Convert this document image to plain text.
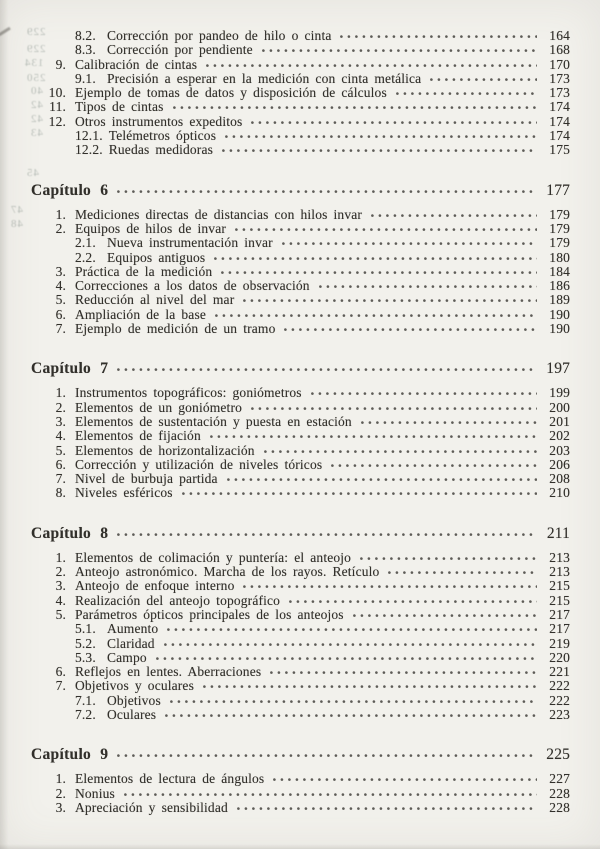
229
229
134
250
40
42
42
43
45
47
48
8.2. Corrección por pandeo de hilo o cinta	164
8.3. Corrección por pendiente	168
9. Calibración de cintas	170
9.1. Precisión a esperar en la medición con cinta metálica	173
10. Ejemplo de tomas de datos y disposición de cálculos	173
11. Tipos de cintas	174
12. Otros instrumentos expeditos	174
12.1. Telémetros ópticos	174
12.2. Ruedas medidoras	175
Capítulo 6	177
1. Mediciones directas de distancias con hilos invar	179
2. Equipos de hilos de invar	179
2.1. Nueva instrumentación invar	179
2.2. Equipos antiguos	180
3. Práctica de la medición	184
4. Correcciones a los datos de observación	186
5. Reducción al nivel del mar	189
6. Ampliación de la base	190
7. Ejemplo de medición de un tramo	190
Capítulo 7	197
1. Instrumentos topográficos: goniómetros	199
2. Elementos de un goniómetro	200
3. Elementos de sustentación y puesta en estación	201
4. Elementos de fijación	202
5. Elementos de horizontalización	203
6. Corrección y utilización de niveles tóricos	206
7. Nivel de burbuja partida	208
8. Niveles esféricos	210
Capítulo 8	211
1. Elementos de colimación y puntería: el anteojo	213
2. Anteojo astronómico. Marcha de los rayos. Retículo	213
3. Anteojo de enfoque interno	215
4. Realización del anteojo topográfico	215
5. Parámetros ópticos principales de los anteojos	217
5.1. Aumento	217
5.2. Claridad	219
5.3. Campo	220
6. Reflejos en lentes. Aberraciones	221
7. Objetivos y oculares	222
7.1. Objetivos	222
7.2. Oculares	223
Capítulo 9	225
1. Elementos de lectura de ángulos	227
2. Nonius	228
3. Apreciación y sensibilidad	228
